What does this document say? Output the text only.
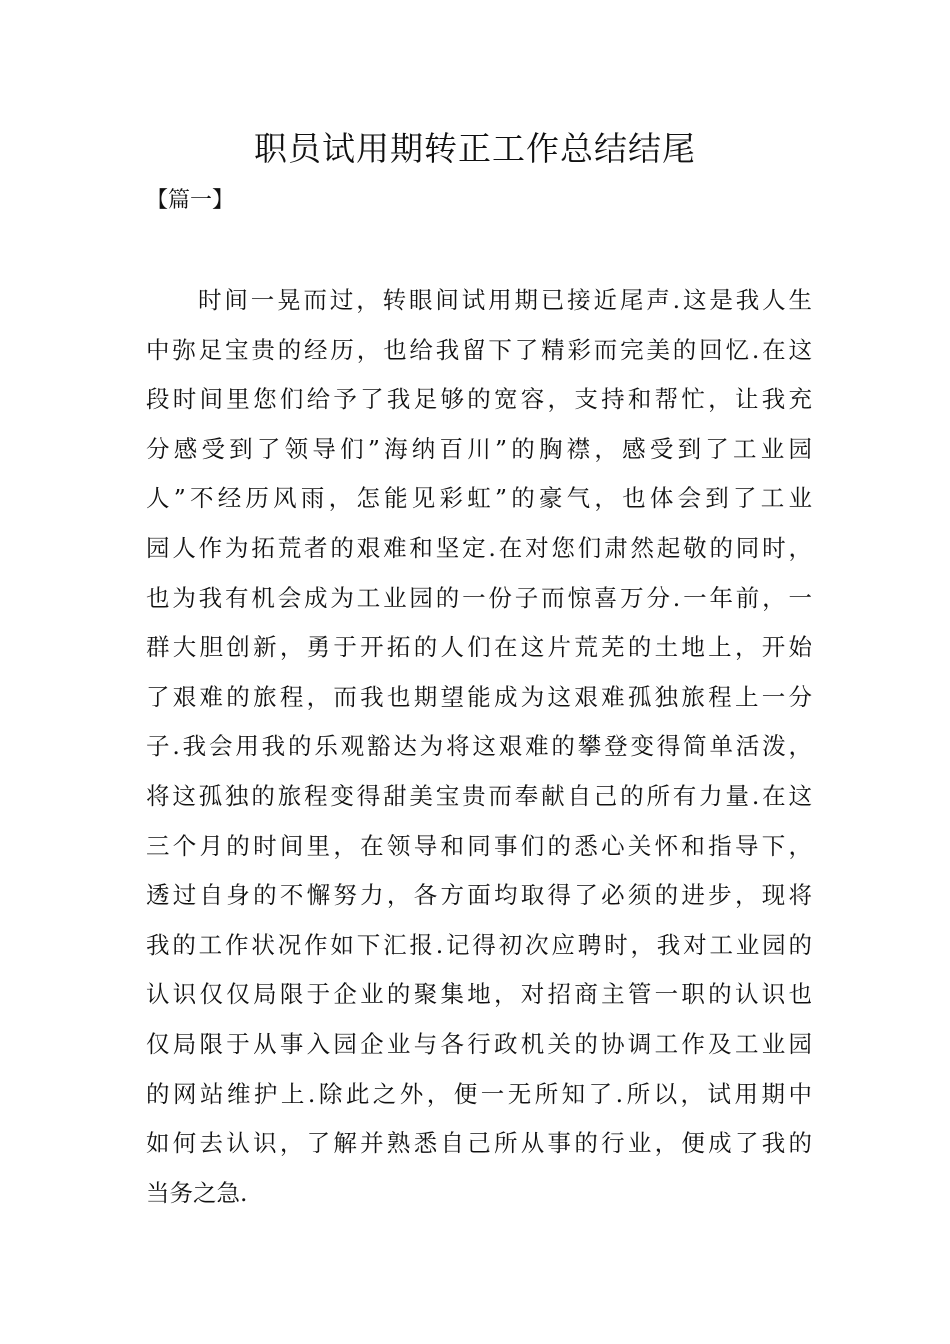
职员试用期转正工作总结结尾

【篇一】

时间一晃而过，转眼间试用期已接近尾声.这是我人生
中弥足宝贵的经历，也给我留下了精彩而完美的回忆.在这
段时间里您们给予了我足够的宽容，支持和帮忙，让我充
分感受到了领导们”海纳百川”的胸襟，感受到了工业园
人”不经历风雨，怎能见彩虹”的豪气，也体会到了工业
园人作为拓荒者的艰难和坚定.在对您们肃然起敬的同时，
也为我有机会成为工业园的一份子而惊喜万分.一年前，一
群大胆创新，勇于开拓的人们在这片荒芜的土地上，开始
了艰难的旅程，而我也期望能成为这艰难孤独旅程上一分
子.我会用我的乐观豁达为将这艰难的攀登变得简单活泼，
将这孤独的旅程变得甜美宝贵而奉献自己的所有力量.在这
三个月的时间里，在领导和同事们的悉心关怀和指导下，
透过自身的不懈努力，各方面均取得了必须的进步，现将
我的工作状况作如下汇报.记得初次应聘时，我对工业园的
认识仅仅局限于企业的聚集地，对招商主管一职的认识也
仅局限于从事入园企业与各行政机关的协调工作及工业园
的网站维护上.除此之外，便一无所知了.所以，试用期中
如何去认识，了解并熟悉自己所从事的行业，便成了我的
当务之急.
